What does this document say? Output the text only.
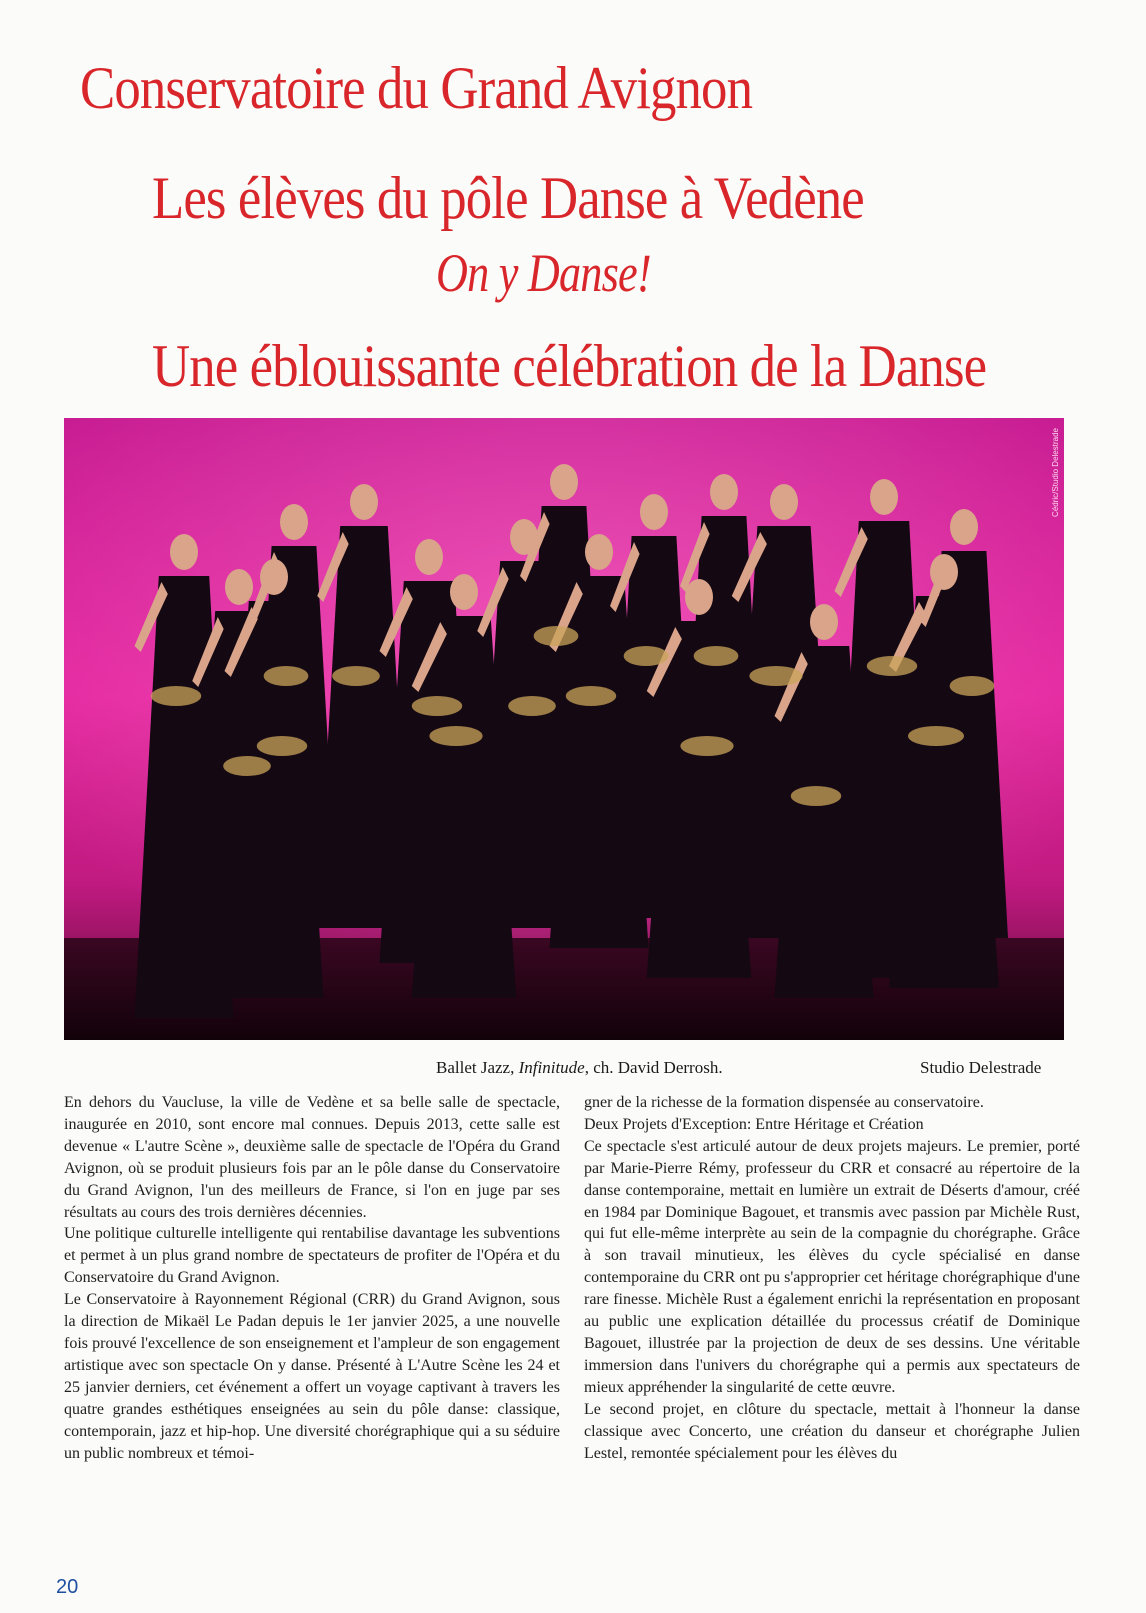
Conservatoire du Grand Avignon
Les élèves du pôle Danse à Vedène
On y Danse!
Une éblouissante célébration de la Danse
Cédric/Studio Delestrade
Ballet Jazz, Infinitude, ch. David Derrosh.	Studio Delestrade

En dehors du Vaucluse, la ville de Vedène et sa belle salle de spectacle, inaugurée en 2010, sont encore mal connues. Depuis 2013, cette salle est devenue « L'autre Scène », deuxième salle de spectacle de l'Opéra du Grand Avignon, où se produit plusieurs fois par an le pôle danse du Conservatoire du Grand Avignon, l'un des meilleurs de France, si l'on en juge par ses résultats au cours des trois dernières décennies.

Une politique culturelle intelligente qui rentabilise davantage les subventions et permet à un plus grand nombre de spectateurs de profiter de l'Opéra et du Conservatoire du Grand Avignon.

Le Conservatoire à Rayonnement Régional (CRR) du Grand Avignon, sous la direction de Mikaël Le Padan depuis le 1er janvier 2025, a une nouvelle fois prouvé l'excellence de son enseignement et l'ampleur de son engagement artistique avec son spectacle On y danse. Présenté à L'Autre Scène les 24 et 25 janvier derniers, cet événement a offert un voyage captivant à travers les quatre grandes esthétiques enseignées au sein du pôle danse: classique, contemporain, jazz et hip-hop. Une diversité chorégraphique qui a su séduire un public nombreux et témoi-

gner de la richesse de la formation dispensée au conservatoire.

Deux Projets d'Exception: Entre Héritage et Création

Ce spectacle s'est articulé autour de deux projets majeurs. Le premier, porté par Marie-Pierre Rémy, professeur du CRR et consacré au répertoire de la danse contemporaine, mettait en lumière un extrait de Déserts d'amour, créé en 1984 par Dominique Bagouet, et transmis avec passion par Michèle Rust, qui fut elle-même interprète au sein de la compagnie du chorégraphe. Grâce à son travail minutieux, les élèves du cycle spécialisé en danse contemporaine du CRR ont pu s'approprier cet héritage chorégraphique d'une rare finesse. Michèle Rust a également enrichi la représentation en proposant au public une explication détaillée du processus créatif de Dominique Bagouet, illustrée par la projection de deux de ses dessins. Une véritable immersion dans l'univers du chorégraphe qui a permis aux spectateurs de mieux appréhender la singularité de cette œuvre.

Le second projet, en clôture du spectacle, mettait à l'honneur la danse classique avec Concerto, une création du danseur et chorégraphe Julien Lestel, remontée spécialement pour les élèves du

20
